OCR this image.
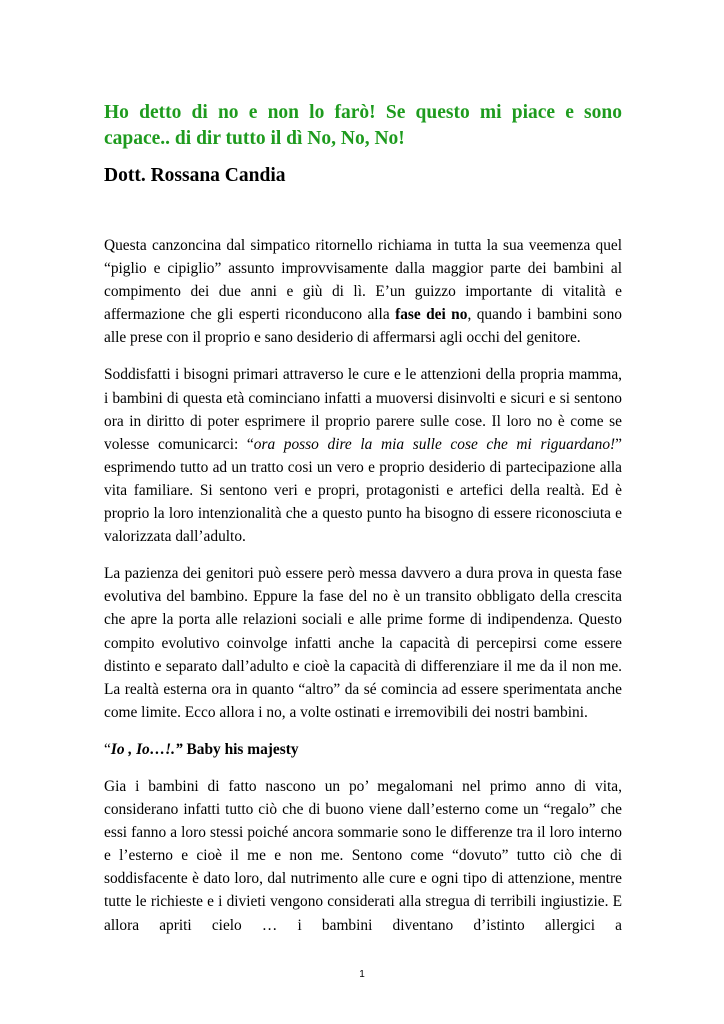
Ho detto di no e non lo farò! Se questo mi piace e sono capace.. di dir tutto il dì No, No, No!
Dott. Rossana Candia

Questa canzoncina dal simpatico ritornello richiama in tutta la sua veemenza quel “piglio e cipiglio” assunto improvvisamente dalla maggior parte dei bambini al compimento dei due anni e giù di lì. E’un guizzo importante di vitalità e affermazione che gli esperti riconducono alla fase dei no, quando i bambini sono alle prese con il proprio e sano desiderio di affermarsi agli occhi del genitore.

Soddisfatti i bisogni primari attraverso le cure e le attenzioni della propria mamma, i bambini di questa età cominciano infatti a muoversi disinvolti e sicuri e si sentono ora in diritto di poter esprimere il proprio parere sulle cose. Il loro no è come se volesse comunicarci: “ora posso dire la mia sulle cose che mi riguardano!” esprimendo tutto ad un tratto cosi un vero e proprio desiderio di partecipazione alla vita familiare. Si sentono veri e propri, protagonisti e artefici della realtà. Ed è proprio la loro intenzionalità che a questo punto ha bisogno di essere riconosciuta e valorizzata dall’adulto.

La pazienza dei genitori può essere però messa davvero a dura prova in questa fase evolutiva del bambino. Eppure la fase del no è un transito obbligato della crescita che apre la porta alle relazioni sociali e alle prime forme di indipendenza. Questo compito evolutivo coinvolge infatti anche la capacità di percepirsi come essere distinto e separato dall’adulto e cioè la capacità di differenziare il me da il non me. La realtà esterna ora in quanto “altro” da sé comincia ad essere sperimentata anche come limite. Ecco allora i no, a volte ostinati e irremovibili dei nostri bambini.

“Io , Io…!.” Baby his majesty

Gia i bambini di fatto nascono un po’ megalomani nel primo anno di vita, considerano infatti tutto ciò che di buono viene dall’esterno come un “regalo” che essi fanno a loro stessi poiché ancora sommarie sono le differenze tra il loro interno e l’esterno e cioè il me e non me. Sentono come “dovuto” tutto ciò che di soddisfacente è dato loro, dal nutrimento alle cure e ogni tipo di attenzione, mentre tutte le richieste e i divieti vengono considerati alla stregua di terribili ingiustizie. E allora apriti cielo … i bambini diventano d’istinto allergici a

1
